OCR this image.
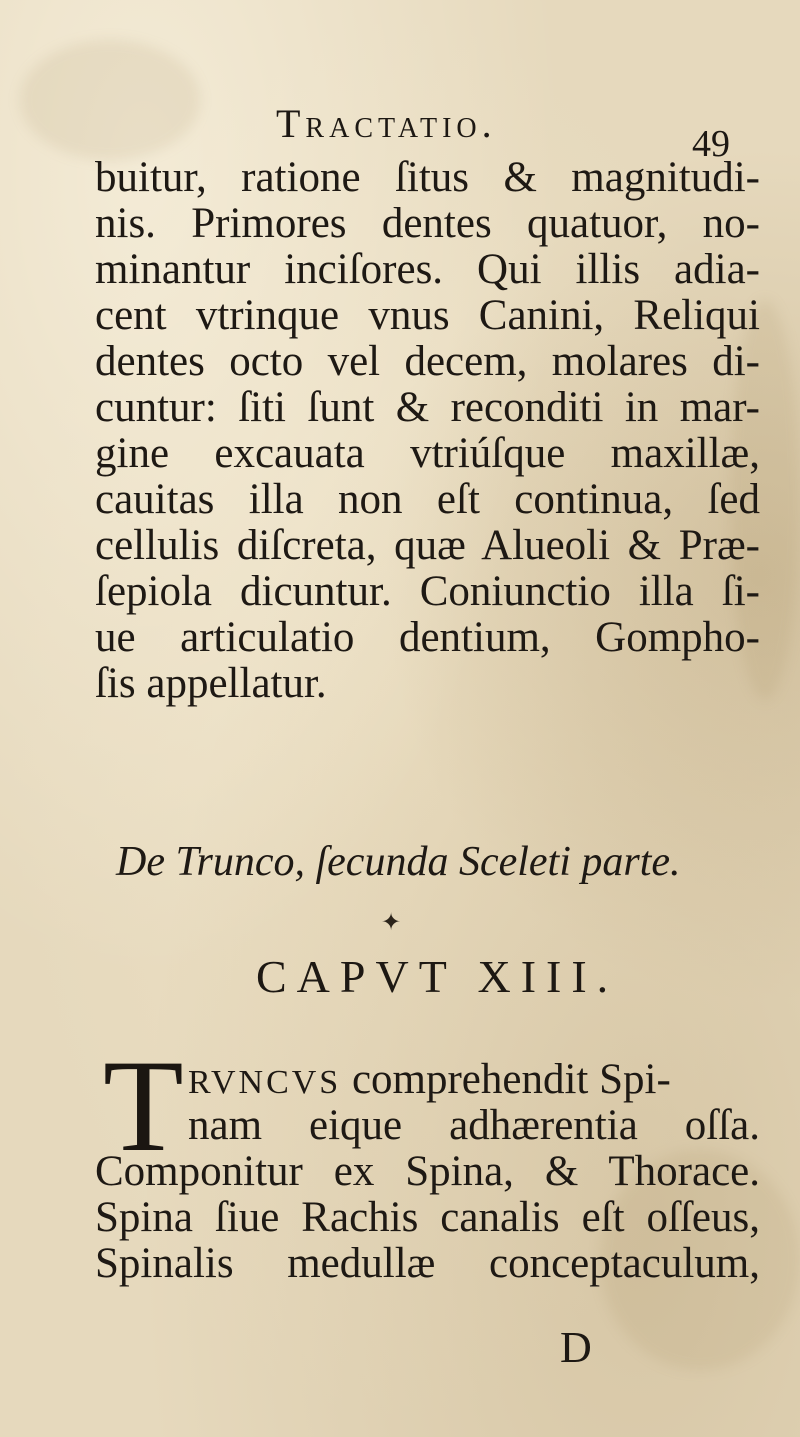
Tractatio.	49
buitur, ratione ſitus & magnitudi-
nis. Primores dentes quatuor, no-
minantur inciſores. Qui illis adia-
cent vtrinque vnus Canini, Reliqui
dentes octo vel decem, molares di-
cuntur: ſiti ſunt & reconditi in mar-
gine excauata vtriúſque maxillæ,
cauitas illa non eſt continua, ſed
cellulis diſcreta, quæ Alueoli & Præ-
ſepiola dicuntur. Coniunctio illa ſi-
ue articulatio dentium, Gompho-
ſis appellatur.
De Trunco, ſecunda Sceleti parte.
✦
CAPVT XIII.
T RVNCVS comprehendit Spi-
nam eique adhærentia oſſa.
Componitur ex Spina, & Thorace.
Spina ſiue Rachis canalis eſt oſſeus,
Spinalis medullæ conceptaculum,
D
